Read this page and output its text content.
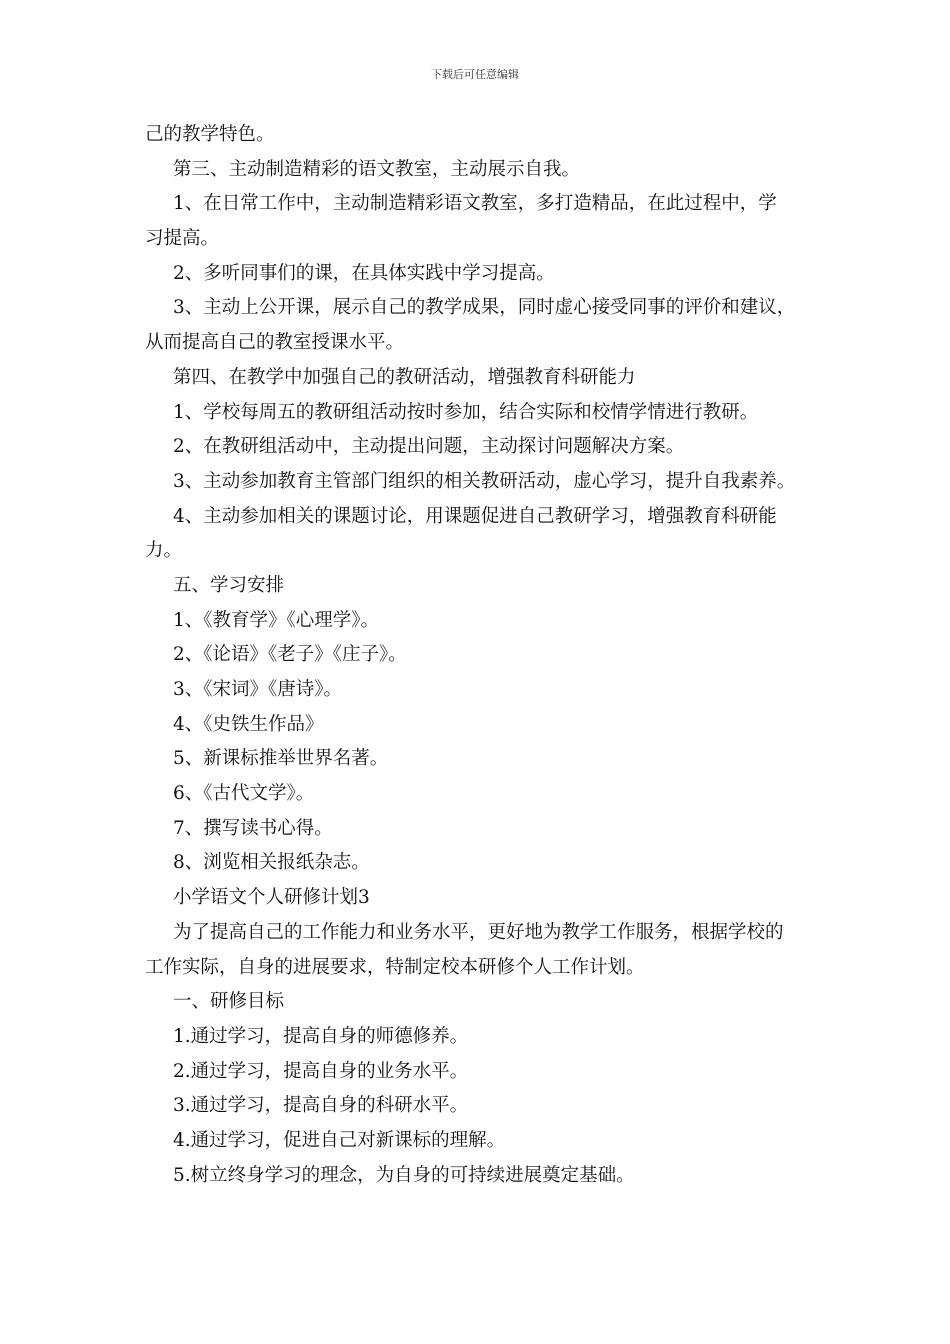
下载后可任意编辑
己的教学特色。
第三、主动制造精彩的语文教室，主动展示自我。
1、在日常工作中，主动制造精彩语文教室，多打造精品，在此过程中，学
习提高。
2、多听同事们的课，在具体实践中学习提高。
3、主动上公开课，展示自己的教学成果，同时虚心接受同事的评价和建议，
从而提高自己的教室授课水平。
第四、在教学中加强自己的教研活动，增强教育科研能力
1、学校每周五的教研组活动按时参加，结合实际和校情学情进行教研。
2、在教研组活动中，主动提出问题，主动探讨问题解决方案。
3、主动参加教育主管部门组织的相关教研活动，虚心学习，提升自我素养。
4、主动参加相关的课题讨论，用课题促进自己教研学习，增强教育科研能
力。
五、学习安排
1、《教育学》《心理学》。
2、《论语》《老子》《庄子》。
3、《宋词》《唐诗》。
4、《史铁生作品》
5、新课标推举世界名著。
6、《古代文学》。
7、撰写读书心得。
8、浏览相关报纸杂志。
小学语文个人研修计划3
为了提高自己的工作能力和业务水平，更好地为教学工作服务，根据学校的
工作实际，自身的进展要求，特制定校本研修个人工作计划。
一、研修目标
1.通过学习，提高自身的师德修养。
2.通过学习，提高自身的业务水平。
3.通过学习，提高自身的科研水平。
4.通过学习，促进自己对新课标的理解。
5.树立终身学习的理念，为自身的可持续进展奠定基础。
